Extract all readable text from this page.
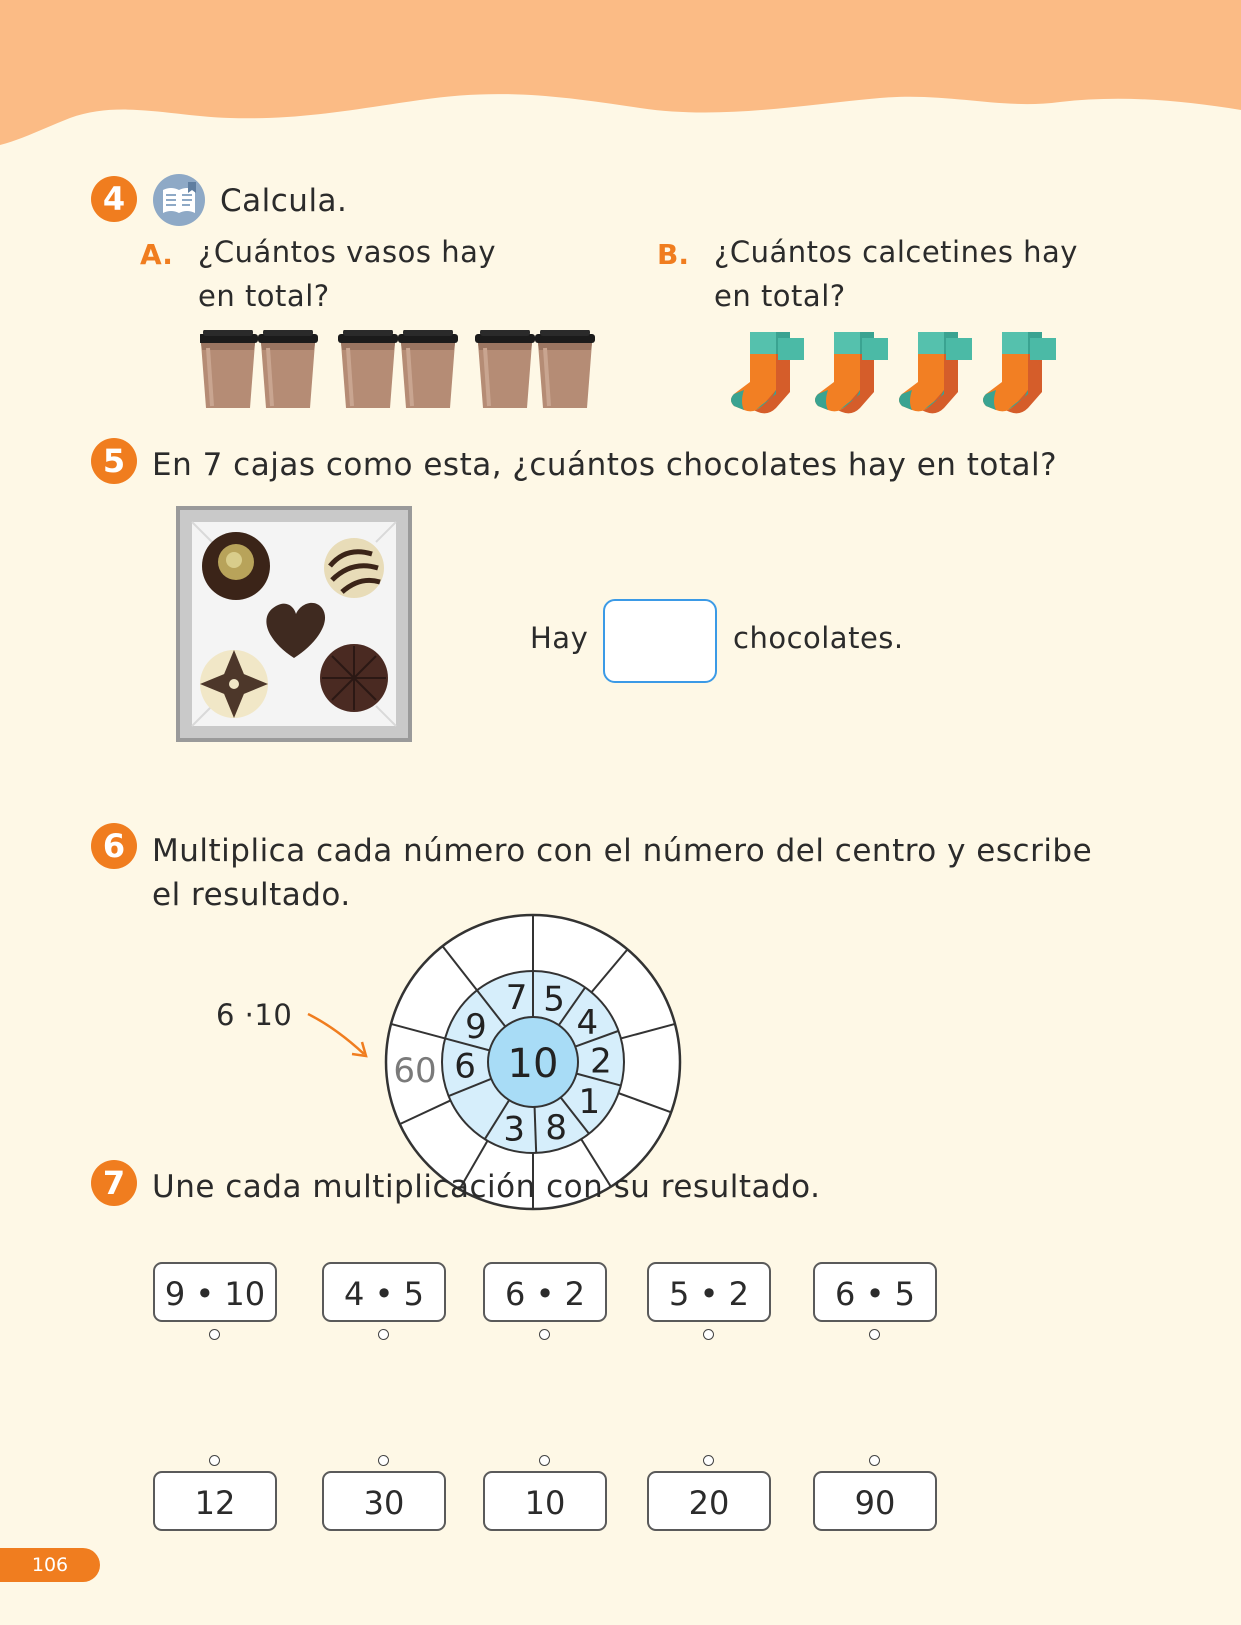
4	Calcula.
A. ¿Cuántos vasos hay
en total?
B. ¿Cuántos calcetines hay
en total?
5 En 7 cajas como esta, ¿cuántos chocolates hay en total?
Hay	chocolates.
6 Multiplica cada número con el número del centro y escribe
el resultado.
6 ·10
10
7 5
4
2
1
8
3
6
9
60
7 Une cada multiplicación con su resultado.
9 • 10	4 • 5	6 • 2	5 • 2	6 • 5
12	30	10	20	90
106
